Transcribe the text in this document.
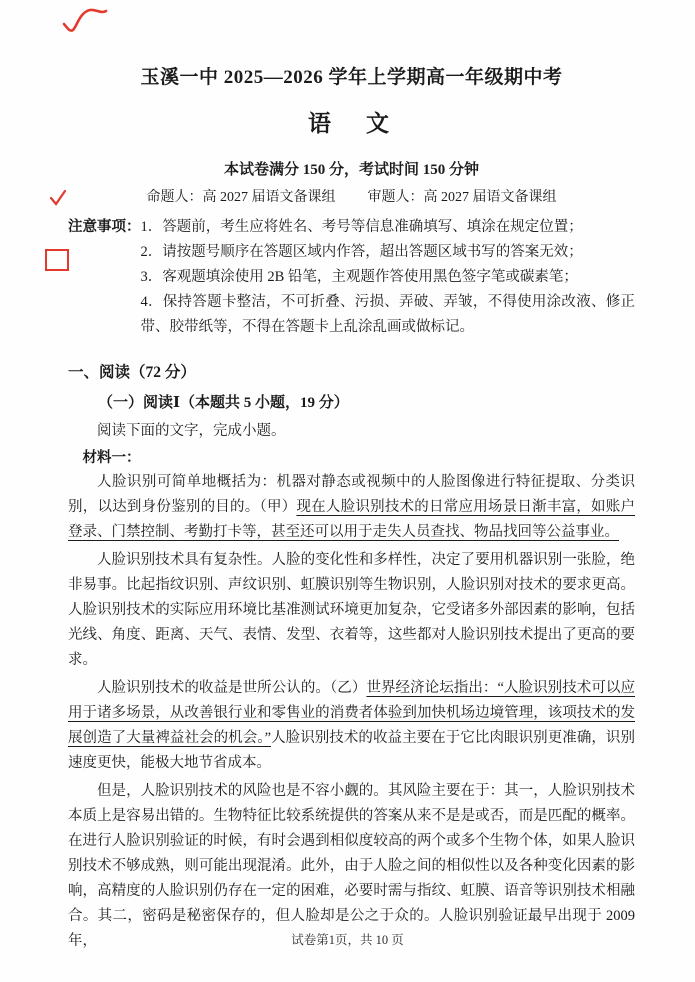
玉溪一中 2025—2026 学年上学期高一年级期中考
语　文
本试卷满分 150 分，考试时间 150 分钟
命题人：高 2027 届语文备课组 审题人：高 2027 届语文备课组
注意事项： 1．答题前，考生应将姓名、考号等信息准确填写、填涂在规定位置；
2．请按题号顺序在答题区域内作答，超出答题区域书写的答案无效；
3．客观题填涂使用 2B 铅笔，主观题作答使用黑色签字笔或碳素笔；
4．保持答题卡整洁，不可折叠、污损、弄破、弄皱，不得使用涂改液、修正带、胶带纸等，不得在答题卡上乱涂乱画或做标记。
一、阅读（72 分）
（一）阅读Ⅰ（本题共 5 小题，19 分）
阅读下面的文字，完成小题。
材料一：

人脸识别可简单地概括为：机器对静态或视频中的人脸图像进行特征提取、分类识别，以达到身份鉴别的目的。（甲）现在人脸识别技术的日常应用场景日渐丰富，如账户登录、门禁控制、考勤打卡等，甚至还可以用于走失人员查找、物品找回等公益事业。

人脸识别技术具有复杂性。人脸的变化性和多样性，决定了要用机器识别一张脸，绝非易事。比起指纹识别、声纹识别、虹膜识别等生物识别，人脸识别对技术的要求更高。人脸识别技术的实际应用环境比基准测试环境更加复杂，它受诸多外部因素的影响，包括光线、角度、距离、天气、表情、发型、衣着等，这些都对人脸识别技术提出了更高的要求。

人脸识别技术的收益是世所公认的。（乙）世界经济论坛指出：“人脸识别技术可以应用于诸多场景，从改善银行业和零售业的消费者体验到加快机场边境管理，该项技术的发展创造了大量裨益社会的机会。”人脸识别技术的收益主要在于它比肉眼识别更准确，识别速度更快，能极大地节省成本。

但是，人脸识别技术的风险也是不容小觑的。其风险主要在于：其一，人脸识别技术本质上是容易出错的。生物特征比较系统提供的答案从来不是是或否，而是匹配的概率。在进行人脸识别验证的时候，有时会遇到相似度较高的两个或多个生物个体，如果人脸识别技术不够成熟，则可能出现混淆。此外，由于人脸之间的相似性以及各种变化因素的影响，高精度的人脸识别仍存在一定的困难，必要时需与指纹、虹膜、语音等识别技术相融合。其二，密码是秘密保存的，但人脸却是公之于众的。人脸识别验证最早出现于 2009 年，	试卷第1页，共 10 页
